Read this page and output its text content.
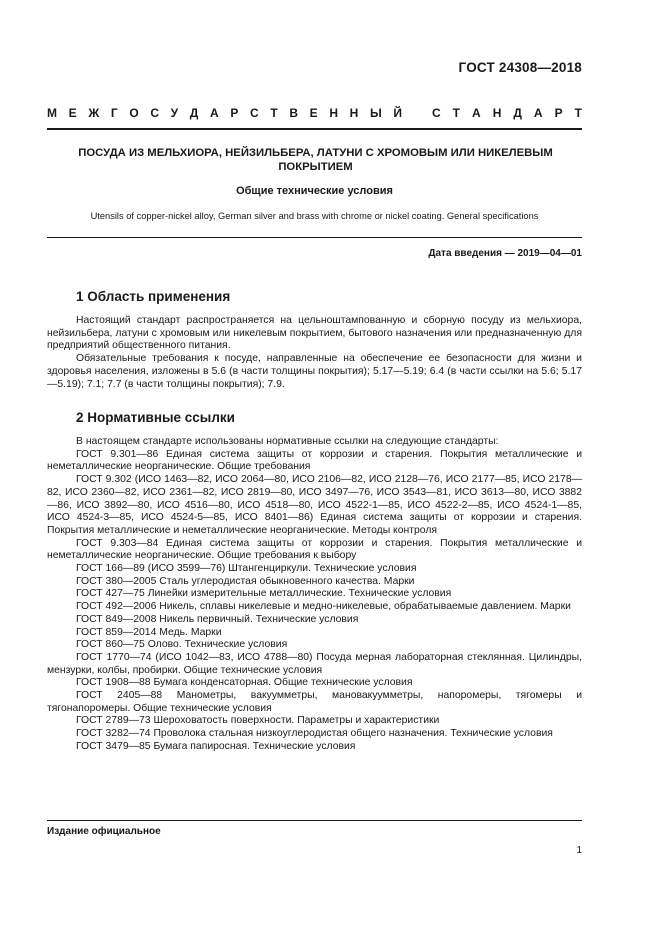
ГОСТ 24308—2018
М Е Ж Г О С У Д А Р С Т В Е Н Н Ы Й	С Т А Н Д А Р Т
ПОСУДА ИЗ МЕЛЬХИОРА, НЕЙЗИЛЬБЕРА, ЛАТУНИ С ХРОМОВЫМ ИЛИ НИКЕЛЕВЫМ ПОКРЫТИЕМ
Общие технические условия
Utensils of copper-nickel alloy, German silver and brass with chrome or nickel coating. General specifications
Дата введения — 2019—04—01
1 Область применения

Настоящий стандарт распространяется на цельноштампованную и сборную посуду из мельхиора, нейзильбера, латуни с хромовым или никелевым покрытием, бытового назначения или предназначенную для предприятий общественного питания.

Обязательные требования к посуде, направленные на обеспечение ее безопасности для жизни и здоровья населения, изложены в 5.6 (в части толщины покрытия); 5.17—5.19; 6.4 (в части ссылки на 5.6; 5.17—5.19); 7.1; 7.7 (в части толщины покрытия); 7.9.

2 Нормативные ссылки

В настоящем стандарте использованы нормативные ссылки на следующие стандарты:

ГОСТ 9.301—86 Единая система защиты от коррозии и старения. Покрытия металлические и неметаллические неорганические. Общие требования

ГОСТ 9.302 (ИСО 1463—82, ИСО 2064—80, ИСО 2106—82, ИСО 2128—76, ИСО 2177—85, ИСО 2178—82, ИСО 2360—82, ИСО 2361—82, ИСО 2819—80, ИСО 3497—76, ИСО 3543—81, ИСО 3613—80, ИСО 3882—86, ИСО 3892—80, ИСО 4516—80, ИСО 4518—80, ИСО 4522-1—85, ИСО 4522-2—85, ИСО 4524-1—85, ИСО 4524-3—85, ИСО 4524-5—85, ИСО 8401—86) Единая система защиты от коррозии и старения. Покрытия металлические и неметаллические неорганические. Методы контроля

ГОСТ 9.303—84 Единая система защиты от коррозии и старения. Покрытия металлические и неметаллические неорганические. Общие требования к выбору

ГОСТ 166—89 (ИСО 3599—76) Штангенциркули. Технические условия

ГОСТ 380—2005 Сталь углеродистая обыкновенного качества. Марки

ГОСТ 427—75 Линейки измерительные металлические. Технические условия

ГОСТ 492—2006 Никель, сплавы никелевые и медно-никелевые, обрабатываемые давлением. Марки

ГОСТ 849—2008 Никель первичный. Технические условия

ГОСТ 859—2014 Медь. Марки

ГОСТ 860—75 Олово. Технические условия

ГОСТ 1770—74 (ИСО 1042—83, ИСО 4788—80) Посуда мерная лабораторная стеклянная. Цилиндры, мензурки, колбы, пробирки. Общие технические условия

ГОСТ 1908—88 Бумага конденсаторная. Общие технические условия

ГОСТ 2405—88 Манометры, вакуумметры, мановакуумметры, напоромеры, тягомеры и тягонапоромеры. Общие технические условия

ГОСТ 2789—73 Шероховатость поверхности. Параметры и характеристики

ГОСТ 3282—74 Проволока стальная низкоуглеродистая общего назначения. Технические условия

ГОСТ 3479—85 Бумага папиросная. Технические условия

Издание официальное
1
